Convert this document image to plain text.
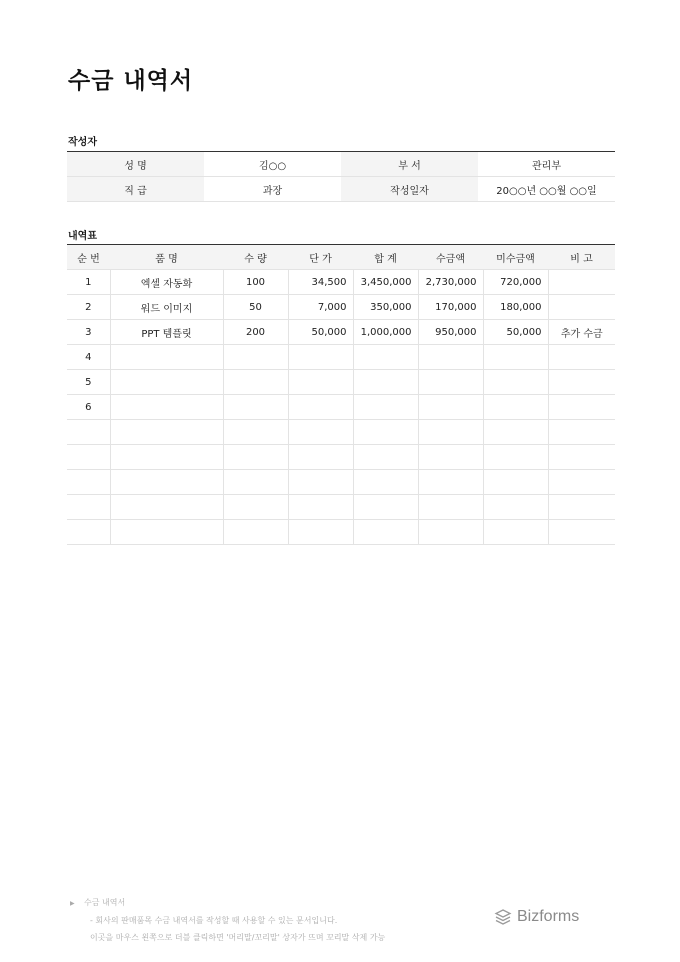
수금 내역서
작성자
성 명	김○○	부 서	관리부
직 급	과장	작성일자	20○○년 ○○월 ○○일
내역표
순 번	품 명	수 량	단 가	합 계	수금액	미수금액	비 고
1	엑셀 자동화	100	34,500	3,450,000	2,730,000	720,000	
2	워드 이미지	50	7,000	350,000	170,000	180,000	
3	PPT 템플릿	200	50,000	1,000,000	950,000	50,000	추가 수금
4							
5							
6							

▶ 수금 내역서
- 회사의 판매품목 수금 내역서를 작성할 때 사용할 수 있는 문서입니다.
이곳을 마우스 왼쪽으로 더블 클릭하면 '머리말/꼬리말' 상자가 뜨며 꼬리말 삭제 가능
Bizforms
